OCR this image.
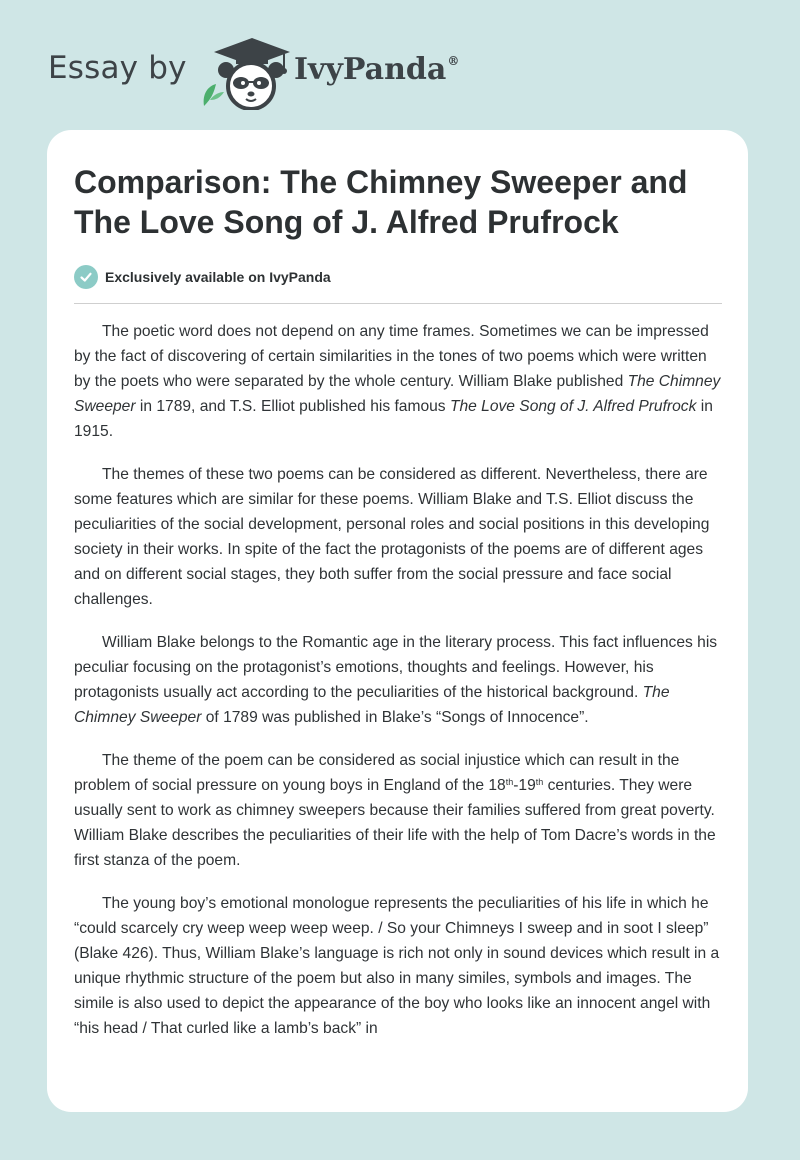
Essay by	IvyPanda®
Comparison: The Chimney Sweeper and The Love Song of J. Alfred Prufrock
Exclusively available on IvyPanda

The poetic word does not depend on any time frames. Sometimes we can be impressed by the fact of discovering of certain similarities in the tones of two poems which were written by the poets who were separated by the whole century. William Blake published The Chimney Sweeper in 1789, and T.S. Elliot published his famous The Love Song of J. Alfred Prufrock in 1915.

The themes of these two poems can be considered as different. Nevertheless, there are some features which are similar for these poems. William Blake and T.S. Elliot discuss the peculiarities of the social development, personal roles and social positions in this developing society in their works. In spite of the fact the protagonists of the poems are of different ages and on different social stages, they both suffer from the social pressure and face social challenges.

William Blake belongs to the Romantic age in the literary process. This fact influences his peculiar focusing on the protagonist’s emotions, thoughts and feelings. However, his protagonists usually act according to the peculiarities of the historical background. The Chimney Sweeper of 1789 was published in Blake’s “Songs of Innocence”.

The theme of the poem can be considered as social injustice which can result in the problem of social pressure on young boys in England of the 18th-19th centuries. They were usually sent to work as chimney sweepers because their families suffered from great poverty. William Blake describes the peculiarities of their life with the help of Tom Dacre’s words in the first stanza of the poem.

The young boy’s emotional monologue represents the peculiarities of his life in which he “could scarcely cry weep weep weep weep. / So your Chimneys I sweep and in soot I sleep” (Blake 426). Thus, William Blake’s language is rich not only in sound devices which result in a unique rhythmic structure of the poem but also in many similes, symbols and images. The simile is also used to depict the appearance of the boy who looks like an innocent angel with “his head / That curled like a lamb’s back” in
